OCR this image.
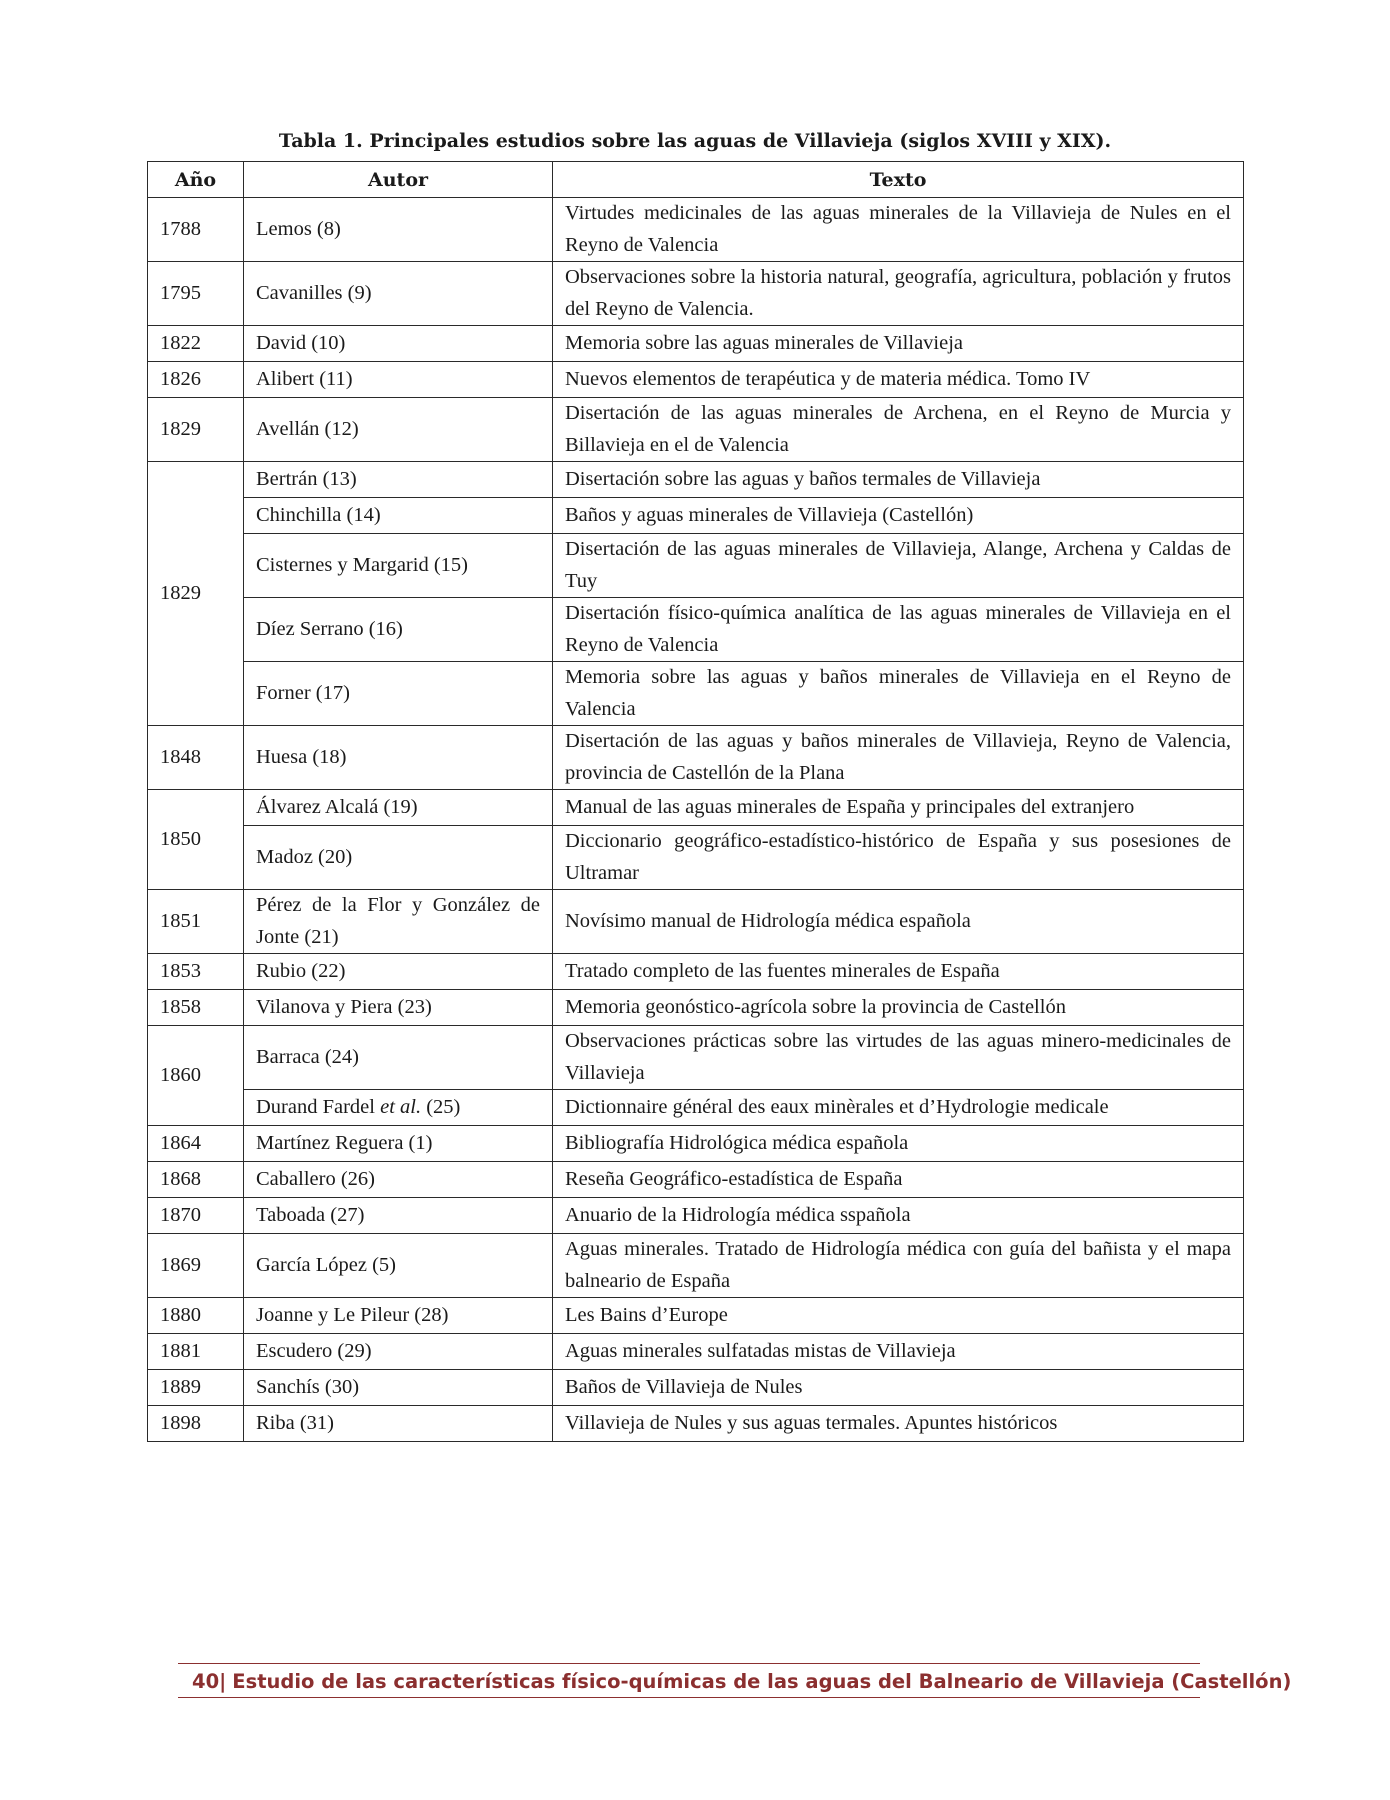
Tabla 1. Principales estudios sobre las aguas de Villavieja (siglos XVIII y XIX).
Año	Autor	Texto
1788	Lemos (8)	Virtudes medicinales de las aguas minerales de la Villavieja de Nules en el Reyno de Valencia
1795	Cavanilles (9)	Observaciones sobre la historia natural, geografía, agricultura, población y frutos del Reyno de Valencia.
1822	David (10)	Memoria sobre las aguas minerales de Villavieja
1826	Alibert (11)	Nuevos elementos de terapéutica y de materia médica. Tomo IV
1829	Avellán (12)	Disertación de las aguas minerales de Archena, en el Reyno de Murcia y Billavieja en el de Valencia
1829	Bertrán (13)	Disertación sobre las aguas y baños termales de Villavieja
	Chinchilla (14)	Baños y aguas minerales de Villavieja (Castellón)
	Cisternes y Margarid (15)	Disertación de las aguas minerales de Villavieja, Alange, Archena y Caldas de Tuy
	Díez Serrano (16)	Disertación físico-química analítica de las aguas minerales de Villavieja en el Reyno de Valencia
	Forner (17)	Memoria sobre las aguas y baños minerales de Villavieja en el Reyno de Valencia
1848	Huesa (18)	Disertación de las aguas y baños minerales de Villavieja, Reyno de Valencia, provincia de Castellón de la Plana
1850	Álvarez Alcalá (19)	Manual de las aguas minerales de España y principales del extranjero
	Madoz (20)	Diccionario geográfico-estadístico-histórico de España y sus posesiones de Ultramar
1851	Pérez de la Flor y González de Jonte (21)	Novísimo manual de Hidrología médica española
1853	Rubio (22)	Tratado completo de las fuentes minerales de España
1858	Vilanova y Piera (23)	Memoria geonóstico-agrícola sobre la provincia de Castellón
1860	Barraca (24)	Observaciones prácticas sobre las virtudes de las aguas minero-medicinales de Villavieja
	Durand Fardel et al. (25)	Dictionnaire général des eaux minèrales et d’Hydrologie medicale
1864	Martínez Reguera (1)	Bibliografía Hidrológica médica española
1868	Caballero (26)	Reseña Geográfico-estadística de España
1870	Taboada (27)	Anuario de la Hidrología médica sspañola
1869	García López (5)	Aguas minerales. Tratado de Hidrología médica con guía del bañista y el mapa balneario de España
1880	Joanne y Le Pileur (28)	Les Bains d’Europe
1881	Escudero (29)	Aguas minerales sulfatadas mistas de Villavieja
1889	Sanchís (30)	Baños de Villavieja de Nules
1898	Riba (31)	Villavieja de Nules y sus aguas termales. Apuntes históricos
40| Estudio de las características físico-químicas de las aguas del Balneario de Villavieja (Castellón)
